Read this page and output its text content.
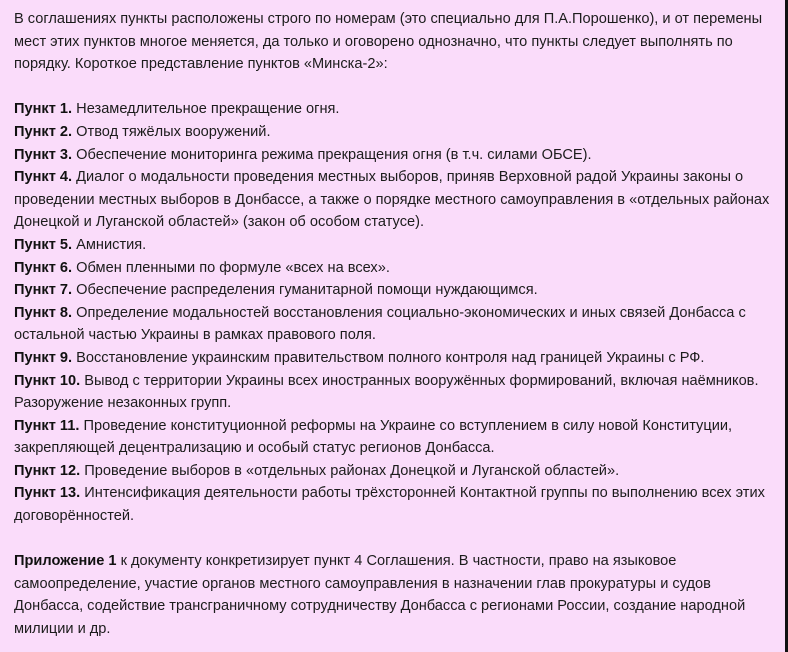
В соглашениях пункты расположены строго по номерам (это специально для П.А.Порошенко), и от перемены мест этих пунктов многое меняется, да только и оговорено однозначно, что пункты следует выполнять по порядку. Короткое представление пунктов «Минска-2»:

Пункт 1. Незамедлительное прекращение огня.

Пункт 2. Отвод тяжёлых вооружений.

Пункт 3. Обеспечение мониторинга режима прекращения огня (в т.ч. силами ОБСЕ).

Пункт 4. Диалог о модальности проведения местных выборов, приняв Верховной радой Украины законы о проведении местных выборов в Донбассе, а также о порядке местного самоуправления в «отдельных районах Донецкой и Луганской областей» (закон об особом статусе).

Пункт 5. Амнистия.

Пункт 6. Обмен пленными по формуле «всех на всех».

Пункт 7. Обеспечение распределения гуманитарной помощи нуждающимся.

Пункт 8. Определение модальностей восстановления социально-экономических и иных связей Донбасса с остальной частью Украины в рамках правового поля.

Пункт 9. Восстановление украинским правительством полного контроля над границей Украины с РФ.

Пункт 10. Вывод с территории Украины всех иностранных вооружённых формирований, включая наёмников. Разоружение незаконных групп.

Пункт 11. Проведение конституционной реформы на Украине со вступлением в силу новой Конституции, закрепляющей децентрализацию и особый статус регионов Донбасса.

Пункт 12. Проведение выборов в «отдельных районах Донецкой и Луганской областей».

Пункт 13. Интенсификация деятельности работы трёхсторонней Контактной группы по выполнению всех этих договорённостей.

Приложение 1 к документу конкретизирует пункт 4 Соглашения. В частности, право на языковое самоопределение, участие органов местного самоуправления в назначении глав прокуратуры и судов Донбасса, содействие трансграничному сотрудничеству Донбасса с регионами России, создание народной милиции и др.
